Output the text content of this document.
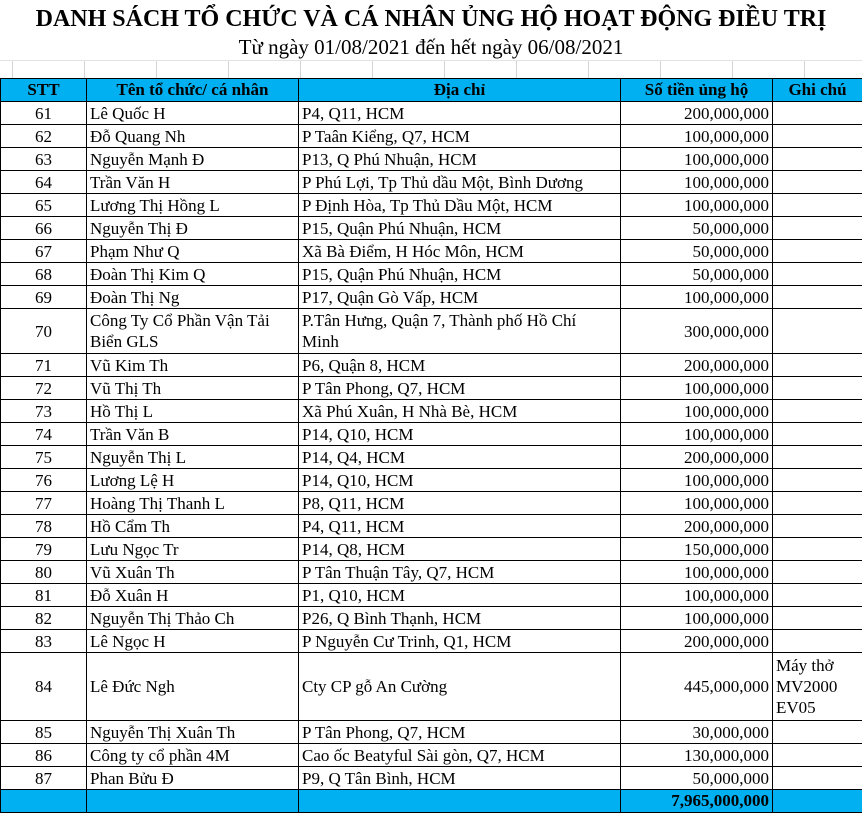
DANH SÁCH TỔ CHỨC VÀ CÁ NHÂN ỦNG HỘ HOẠT ĐỘNG ĐIỀU TRỊ
Từ ngày 01/08/2021 đến hết ngày 06/08/2021
STT	Tên tổ chức/ cá nhân	Địa chỉ	Số tiền ủng hộ	Ghi chú
61	Lê Quốc H	P4, Q11, HCM	200,000,000	
62	Đỗ Quang Nh	P Taân Kiểng, Q7, HCM	100,000,000	
63	Nguyễn Mạnh Đ	P13, Q Phú Nhuận, HCM	100,000,000	
64	Trần Văn H	P Phú Lợi, Tp Thủ dầu Một, Bình Dương	100,000,000	
65	Lương Thị Hồng L	P Định Hòa, Tp Thủ Dầu Một, HCM	100,000,000	
66	Nguyễn Thị Đ	P15, Quận Phú Nhuận, HCM	50,000,000	
67	Phạm Như Q	Xã Bà Điểm, H Hóc Môn, HCM	50,000,000	
68	Đoàn Thị Kim Q	P15, Quận Phú Nhuận, HCM	50,000,000	
69	Đoàn Thị Ng	P17, Quận Gò Vấp, HCM	100,000,000	
70	Công Ty Cổ Phần Vận Tải Biển GLS	P.Tân Hưng, Quận 7, Thành phố Hồ Chí Minh	300,000,000	
71	Vũ Kim Th	P6, Quận 8, HCM	200,000,000	
72	Vũ Thị Th	P Tân Phong, Q7, HCM	100,000,000	
73	Hồ Thị L	Xã Phú Xuân, H Nhà Bè, HCM	100,000,000	
74	Trần Văn B	P14, Q10, HCM	100,000,000	
75	Nguyễn Thị L	P14, Q4, HCM	200,000,000	
76	Lương Lệ H	P14, Q10, HCM	100,000,000	
77	Hoàng Thị Thanh L	P8, Q11, HCM	100,000,000	
78	Hồ Cẩm Th	P4, Q11, HCM	200,000,000	
79	Lưu Ngọc Tr	P14, Q8, HCM	150,000,000	
80	Vũ Xuân Th	P Tân Thuận Tây, Q7, HCM	100,000,000	
81	Đỗ Xuân H	P1, Q10, HCM	100,000,000	
82	Nguyễn Thị Thảo Ch	P26, Q Bình Thạnh, HCM	100,000,000	
83	Lê Ngọc H	P Nguyễn Cư Trinh, Q1, HCM	200,000,000	
84	Lê Đức Ngh	Cty CP gỗ An Cường	445,000,000	Máy thở MV2000 EV05
85	Nguyễn Thị Xuân Th	P Tân Phong, Q7, HCM	30,000,000	
86	Công ty cổ phần 4M	Cao ốc Beatyful Sài gòn, Q7, HCM	130,000,000	
87	Phan Bửu Đ	P9, Q Tân Bình, HCM	50,000,000	
			7,965,000,000	
